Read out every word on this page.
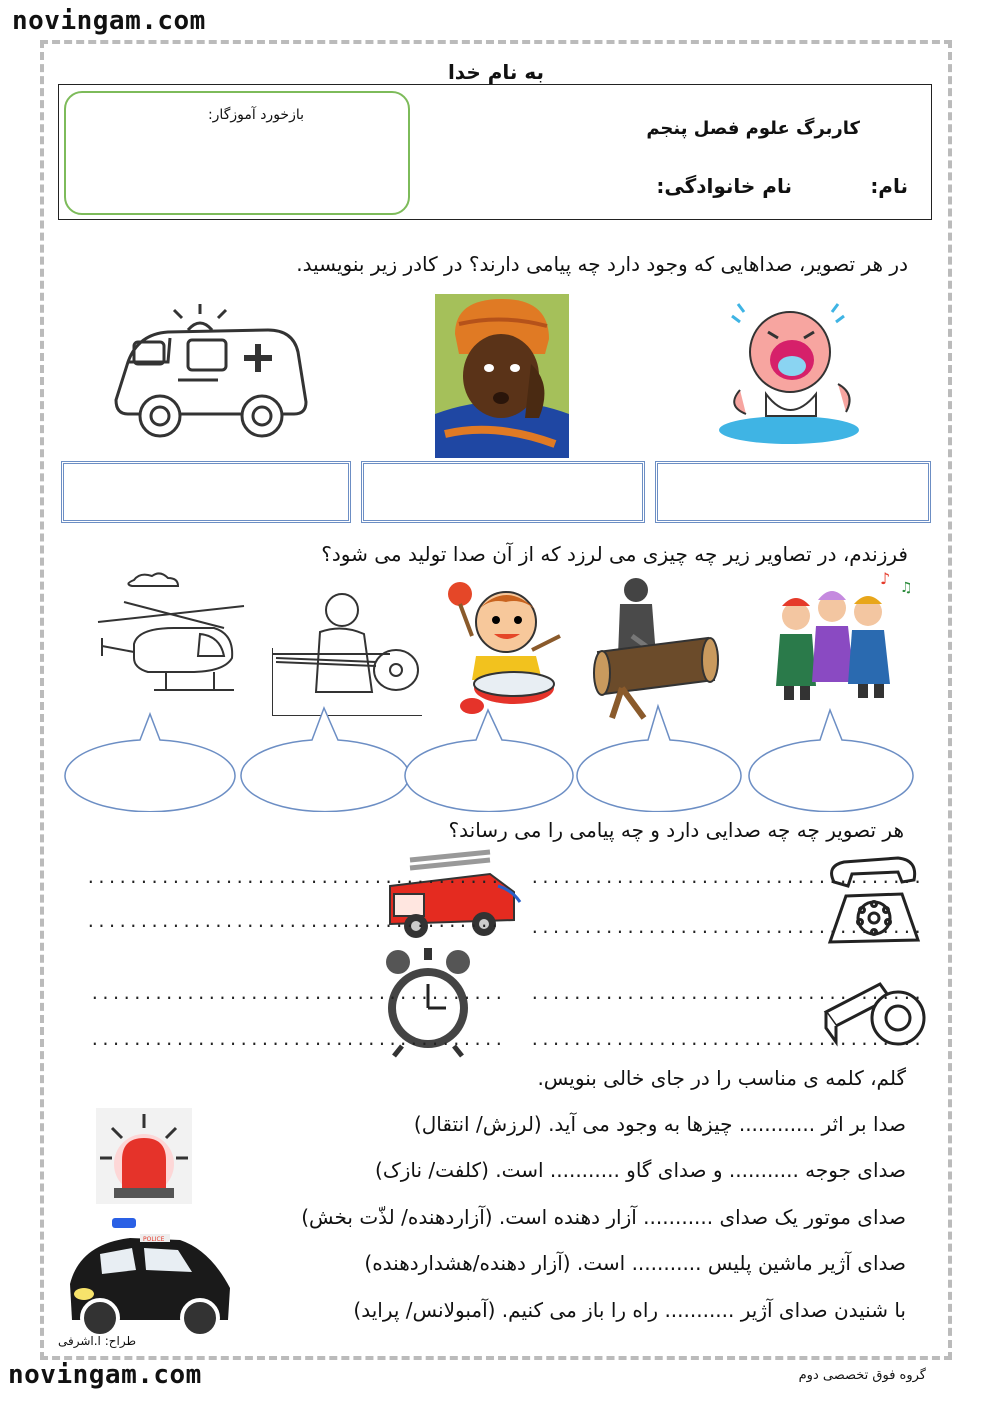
novingam.com
novingam.com
به نام خدا
بازخورد آموزگار:
کاربرگ علوم فصل پنجم
نام:
نام خانوادگی:
در هر تصویر، صداهایی که وجود دارد چه پیامی دارند؟ در کادر زیر بنویسید.
فرزندم، در تصاویر زیر چه چیزی می لرزد که از آن صدا تولید می شود؟
♪ ♫
هر تصویر چه چه صدایی دارد و چه پیامی را می رساند؟
.......................................
.......................................
.....................................
.....................................
.......................................
.......................................
.....................................
.....................................
گلم، کلمه ی مناسب را در جای خالی بنویس.
صدا بر اثر ............ چیزها به وجود می آید. (لرزش/ انتقال)
صدای جوجه ........... و صدای گاو ........... است. (کلفت/ نازک)
صدای موتور یک صدای ........... آزار دهنده است. (آزاردهنده/ لذّت بخش)
صدای آژیر ماشین پلیس ........... است. (آزار دهنده/هشداردهنده)
با شنیدن صدای آژیر ........... راه را باز می کنیم. (آمبولانس/ پراید)
POLICE
طراح: ا.اشرفی
گروه فوق تخصصی دوم
